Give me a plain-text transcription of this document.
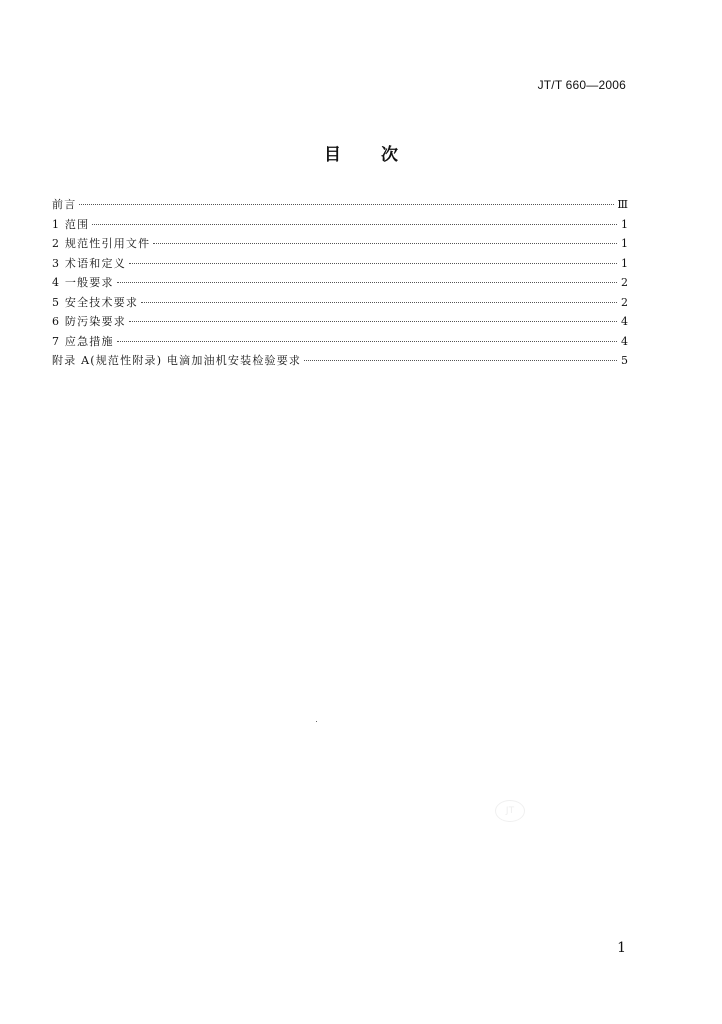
JT/T 660—2006
目 次
前言	Ⅲ
1 范围	1
2 规范性引用文件	1
3 术语和定义	1
4 一般要求	2
5 安全技术要求	2
6 防污染要求	4
7 应急措施	4
附录 A(规范性附录) 电滴加油机安装检验要求	5
JT
1
